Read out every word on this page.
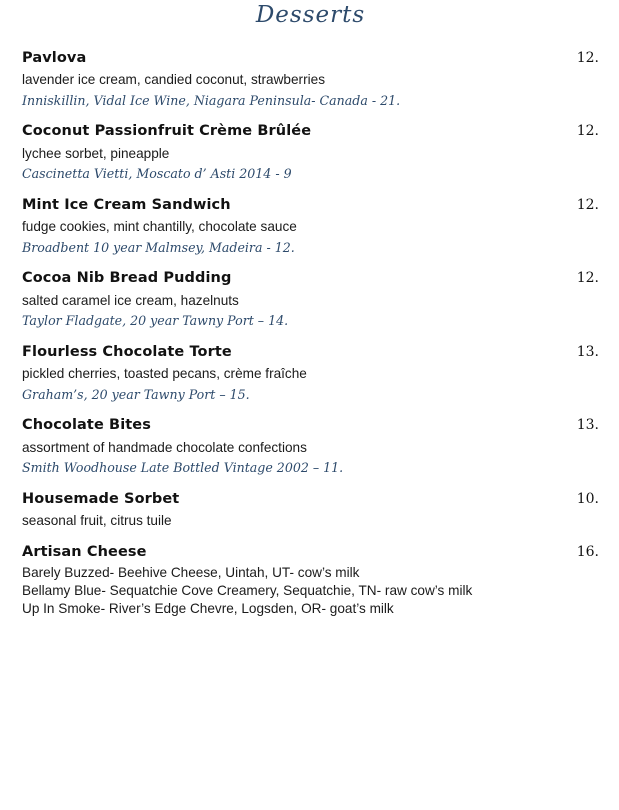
Desserts
Pavlova	12.
lavender ice cream, candied coconut, strawberries
Inniskillin, Vidal Ice Wine, Niagara Peninsula- Canada - 21.
Coconut Passionfruit Crème Brûlée	12.
lychee sorbet, pineapple
Cascinetta Vietti, Moscato d’ Asti 2014 - 9
Mint Ice Cream Sandwich	12.
fudge cookies, mint chantilly, chocolate sauce
Broadbent 10 year Malmsey, Madeira - 12.
Cocoa Nib Bread Pudding	12.
salted caramel ice cream, hazelnuts
Taylor Fladgate, 20 year Tawny Port – 14.
Flourless Chocolate Torte	13.
pickled cherries, toasted pecans, crème fraîche
Graham’s, 20 year Tawny Port – 15.
Chocolate Bites	13.
assortment of handmade chocolate confections
Smith Woodhouse Late Bottled Vintage 2002 – 11.
Housemade Sorbet	10.
seasonal fruit, citrus tuile
Artisan Cheese	16.
Barely Buzzed- Beehive Cheese, Uintah, UT- cow’s milk
Bellamy Blue- Sequatchie Cove Creamery, Sequatchie, TN- raw cow’s milk
Up In Smoke- River’s Edge Chevre, Logsden, OR- goat’s milk
